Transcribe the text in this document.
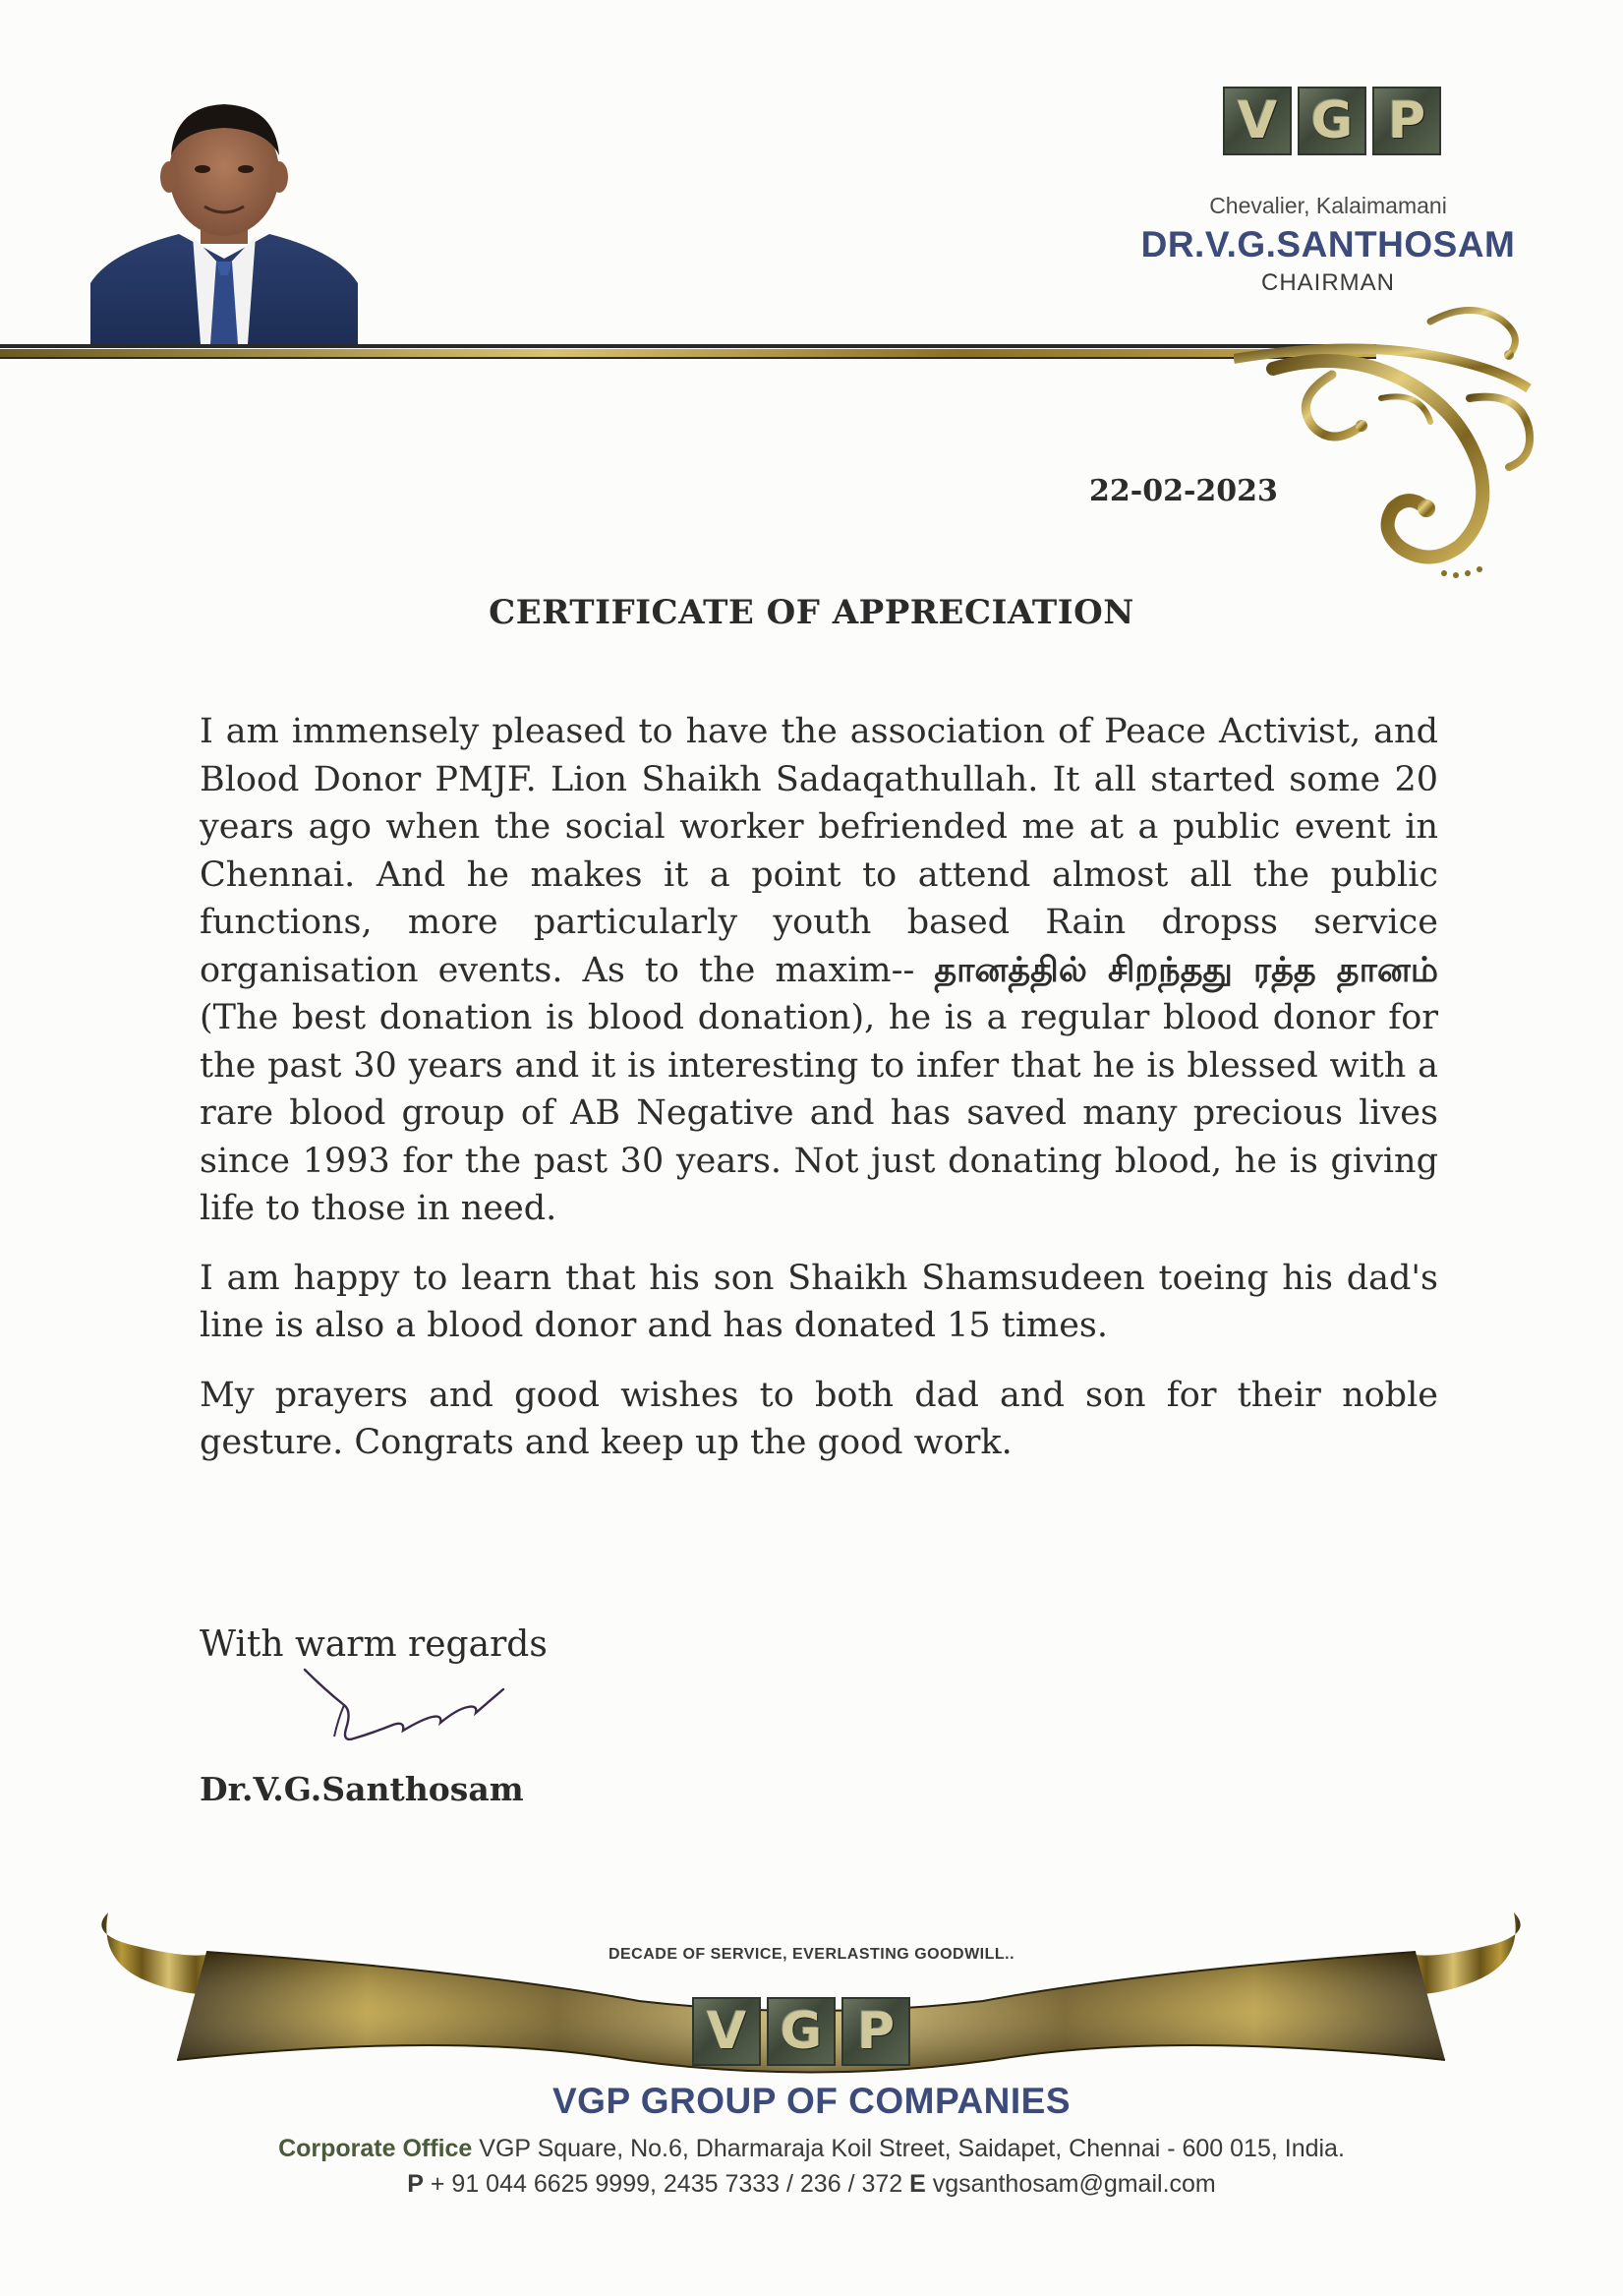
V G P
Chevalier, Kalaimamani
DR.V.G.SANTHOSAM
CHAIRMAN
22-02-2023
CERTIFICATE OF APPRECIATION

I am immensely pleased to have the association of Peace Activist, and Blood Donor PMJF. Lion Shaikh Sadaqathullah. It all started some 20 years ago when the social worker befriended me at a public event in Chennai. And he makes it a point to attend almost all the public functions, more particularly youth based Rain dropss service organisation events. As to the maxim-- தானத்தில் சிறந்தது ரத்த தானம் (The best donation is blood donation), he is a regular blood donor for the past 30 years and it is interesting to infer that he is blessed with a rare blood group of AB Negative and has saved many precious lives since 1993 for the past 30 years. Not just donating blood, he is giving life to those in need.

I am happy to learn that his son Shaikh Shamsudeen toeing his dad's line is also a blood donor and has donated 15 times.

My prayers and good wishes to both dad and son for their noble gesture. Congrats and keep up the good work.

With warm regards
Dr.V.G.Santhosam
DECADE OF SERVICE, EVERLASTING GOODWILL..
V G P
VGP GROUP OF COMPANIES
Corporate Office VGP Square, No.6, Dharmaraja Koil Street, Saidapet, Chennai - 600 015, India.
P + 91 044 6625 9999, 2435 7333 / 236 / 372 E vgsanthosam@gmail.com
